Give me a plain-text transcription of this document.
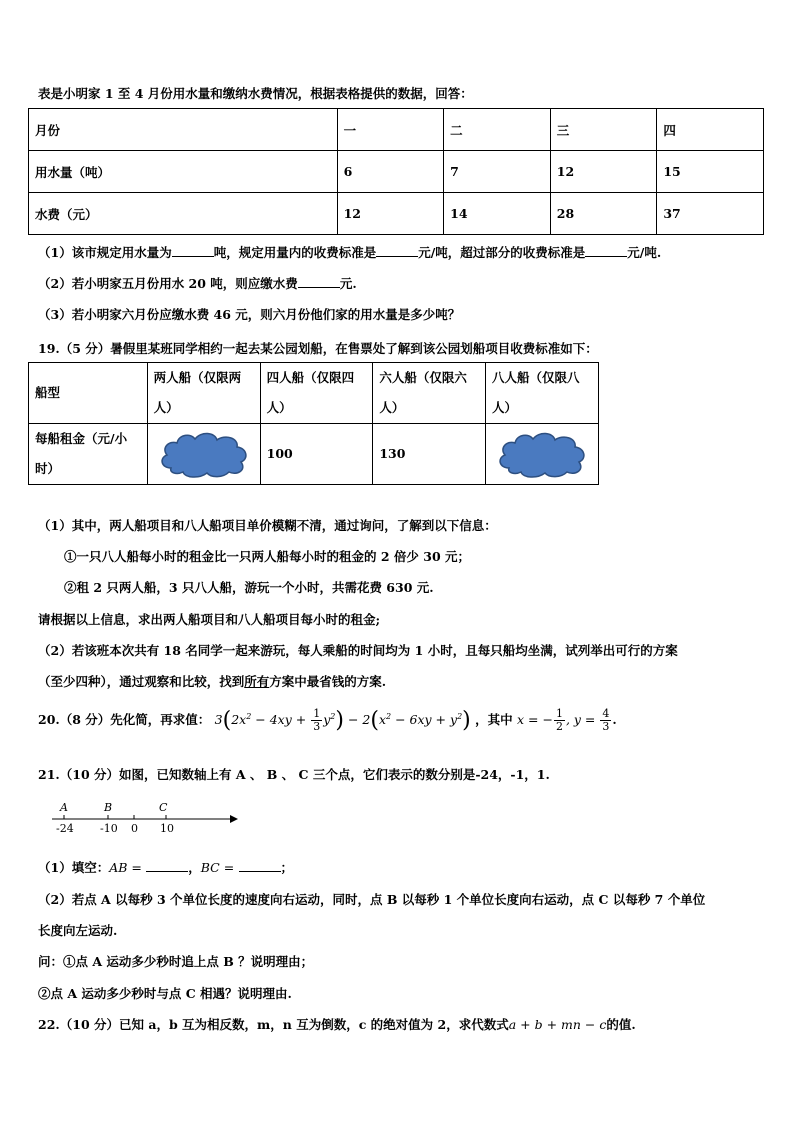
表是小明家 1 至 4 月份用水量和缴纳水费情况，根据表格提供的数据，回答：
月份	一	二	三	四
用水量（吨）	6	7	12	15
水费（元）	12	14	28	37
（1）该市规定用水量为	吨，规定用量内的收费标准是	元/吨，超过部分的收费标准是	元/吨.
（2）若小明家五月份用水 20 吨，则应缴水费	元.
（3）若小明家六月份应缴水费 46 元，则六月份他们家的用水量是多少吨？
19.（5 分）暑假里某班同学相约一起去某公园划船，在售票处了解到该公园划船项目收费标准如下：
船型	两人船（仅限两人）	四人船（仅限四人）	六人船（仅限六人）	八人船（仅限八人）
每船租金（元/小时）		100	130	
（1）其中，两人船项目和八人船项目单价模糊不清，通过询问，了解到以下信息：
①一只八人船每小时的租金比一只两人船每小时的租金的 2 倍少 30 元；
②租 2 只两人船，3 只八人船，游玩一个小时，共需花费 630 元.
请根据以上信息，求出两人船项目和八人船项目每小时的租金;
（2）若该班本次共有 18 名同学一起来游玩，每人乘船的时间均为 1 小时，且每只船均坐满，试列举出可行的方案
（至少四种），通过观察和比较，找到所有方案中最省钱的方案.
20.（8 分）先化简，再求值： $3(2x^2 - 4xy + \frac{1}{3} y^2) - 2(x^2 - 6xy + y^2)$ ，其中 x = − $\frac{1}{2}$ , $y = \frac{4}{3}$ .
21.（10 分）如图，已知数轴上有 A 、 B 、 C 三个点，它们表示的数分别是-24，-1，1.
A	B	C
-24 -10 0 10
（1）填空：AB =	，BC =	；
（2）若点 A 以每秒 3 个单位长度的速度向右运动，同时，点 B 以每秒 1 个单位长度向右运动，点 C 以每秒 7 个单位
长度向左运动.
问：①点 A 运动多少秒时追上点 B ？说明理由；
②点 A 运动多少秒时与点 C 相遇？说明理由.
22.（10 分）已知 a，b 互为相反数，m，n 互为倒数，c 的绝对值为 2，求代数式a + b + mn − c的值.
